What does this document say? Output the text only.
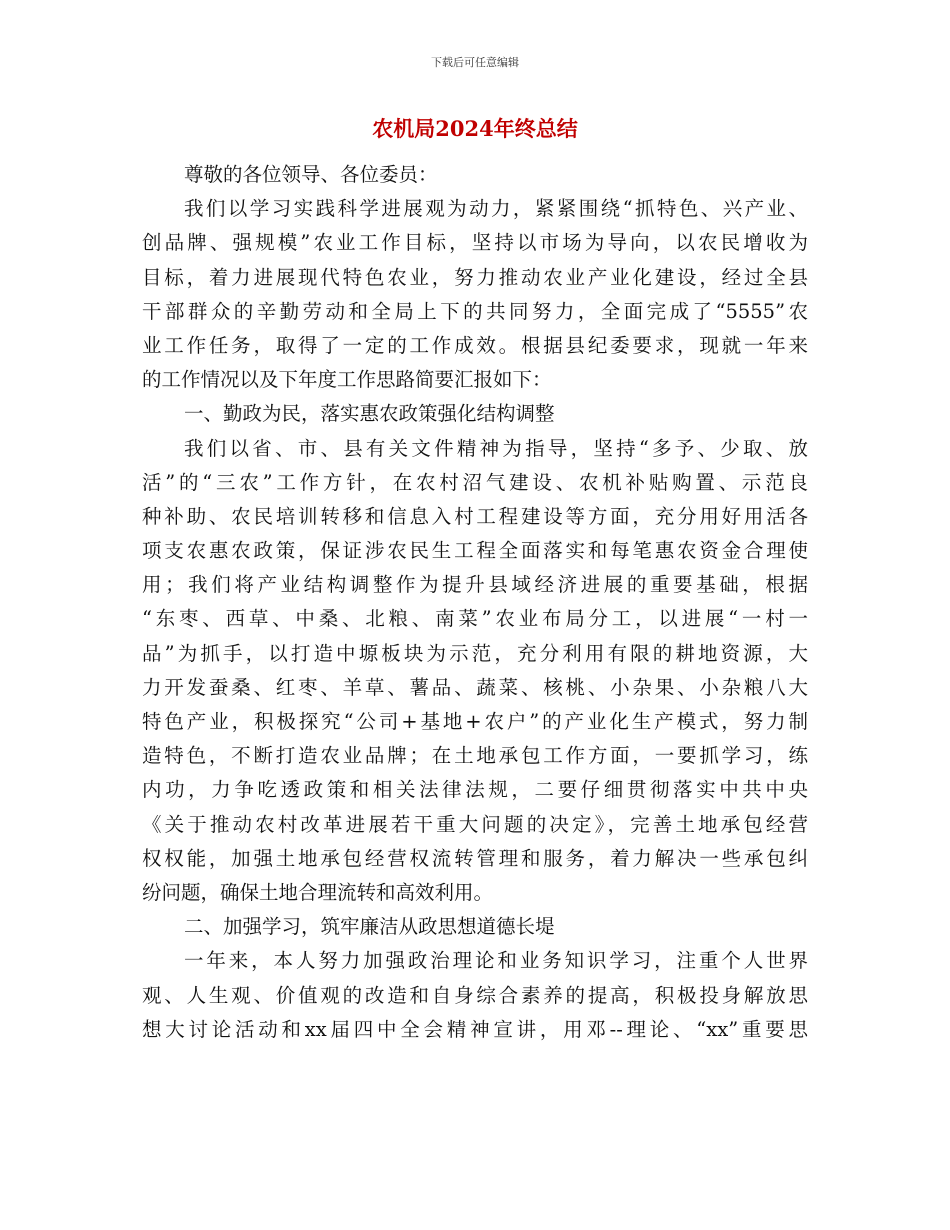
下载后可任意编辑
农机局2024年终总结
尊敬的各位领导、各位委员：
我们以学习实践科学进展观为动力，紧紧围绕“抓特色、兴产业、
创品牌、强规模”农业工作目标，坚持以市场为导向，以农民增收为
目标，着力进展现代特色农业，努力推动农业产业化建设，经过全县
干部群众的辛勤劳动和全局上下的共同努力，全面完成了“5555”农
业工作任务，取得了一定的工作成效。根据县纪委要求，现就一年来
的工作情况以及下年度工作思路简要汇报如下：
一、勤政为民，落实惠农政策强化结构调整
我们以省、市、县有关文件精神为指导，坚持“多予、少取、放
活”的“三农”工作方针，在农村沼气建设、农机补贴购置、示范良
种补助、农民培训转移和信息入村工程建设等方面，充分用好用活各
项支农惠农政策，保证涉农民生工程全面落实和每笔惠农资金合理使
用；我们将产业结构调整作为提升县域经济进展的重要基础，根据
“东枣、西草、中桑、北粮、南菜”农业布局分工，以进展“一村一
品”为抓手，以打造中塬板块为示范，充分利用有限的耕地资源，大
力开发蚕桑、红枣、羊草、薯品、蔬菜、核桃、小杂果、小杂粮八大
特色产业，积极探究“公司+基地+农户”的产业化生产模式，努力制
造特色，不断打造农业品牌；在土地承包工作方面，一要抓学习，练
内功，力争吃透政策和相关法律法规，二要仔细贯彻落实中共中央
《关于推动农村改革进展若干重大问题的决定》，完善土地承包经营
权权能，加强土地承包经营权流转管理和服务，着力解决一些承包纠
纷问题，确保土地合理流转和高效利用。
二、加强学习，筑牢廉洁从政思想道德长堤
一年来，本人努力加强政治理论和业务知识学习，注重个人世界
观、人生观、价值观的改造和自身综合素养的提高，积极投身解放思
想大讨论活动和xx届四中全会精神宣讲，用邓--理论、“xx”重要思
